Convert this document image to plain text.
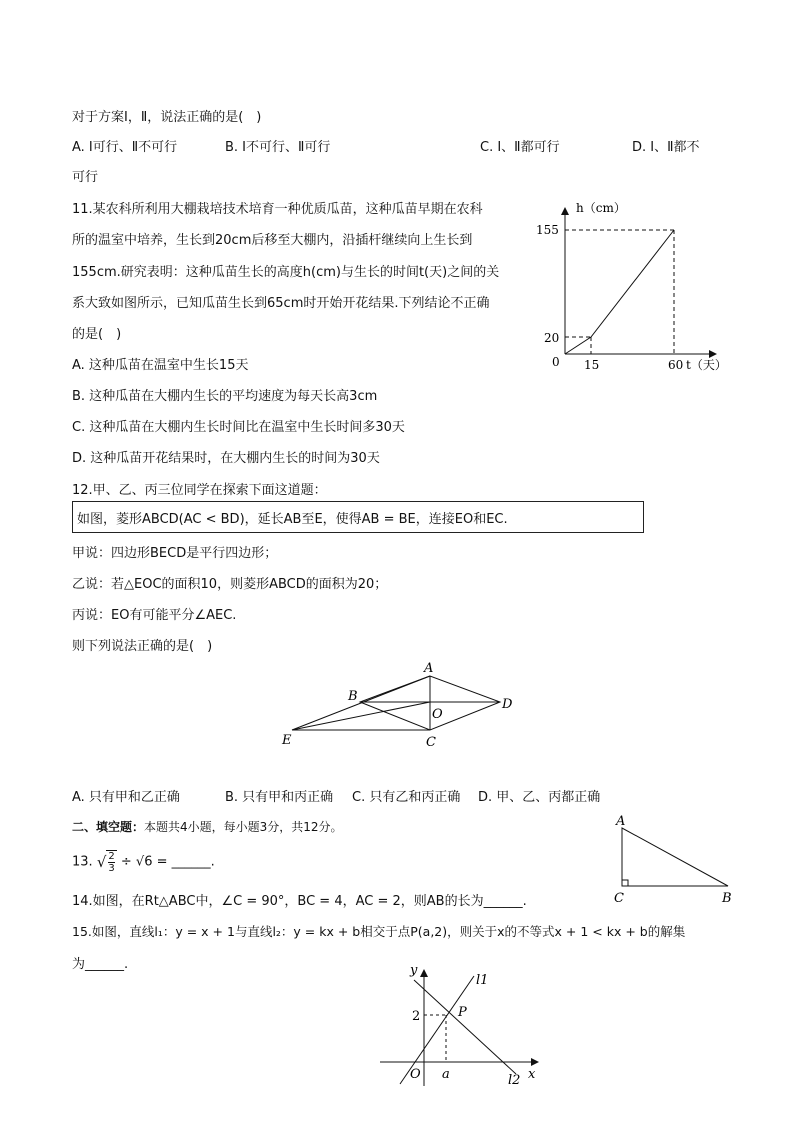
对于方案Ⅰ，Ⅱ，说法正确的是(　)
A. Ⅰ可行、Ⅱ不可行	B. Ⅰ不可行、Ⅱ可行	C. Ⅰ、Ⅱ都可行	D. Ⅰ、Ⅱ都不
可行
11.某农科所利用大棚栽培技术培育一种优质瓜苗，这种瓜苗早期在农科
所的温室中培养，生长到20cm后移至大棚内，沿插杆继续向上生长到
155cm.研究表明：这种瓜苗生长的高度h(cm)与生长的时间t(天)之间的关
系大致如图所示，已知瓜苗生长到65cm时开始开花结果.下列结论不正确
的是(　)
A. 这种瓜苗在温室中生长15天
B. 这种瓜苗在大棚内生长的平均速度为每天长高3cm
C. 这种瓜苗在大棚内生长时间比在温室中生长时间多30天
D. 这种瓜苗开花结果时，在大棚内生长的时间为30天
h（cm）
155
20
0 15	60 t（天）
12.甲、乙、丙三位同学在探索下面这道题：
如图，菱形ABCD(AC < BD)，延长AB至E，使得AB = BE，连接EO和EC.
甲说：四边形BECD是平行四边形；
乙说：若△EOC的面积10，则菱形ABCD的面积为20；
丙说：EO有可能平分∠AEC.
则下列说法正确的是(　)
A
B
O
D
E	C
A. 只有甲和乙正确	B. 只有甲和丙正确 C. 只有乙和丙正确 D. 甲、乙、丙都正确
二、填空题：本题共4小题，每小题3分，共12分。
13. √ $\frac{2}{3} \div √6$ = ______.
A
C	B
14.如图，在Rt△ABC中，∠C = 90°，BC = 4，AC = 2，则AB的长为______.
15.如图，直线l₁：y = x + 1与直线l₂：y = kx + b相交于点P(a,2)，则关于x的不等式x + 1 < kx + b的解集
为______.	y
l1
2	P
O a	l2 x
